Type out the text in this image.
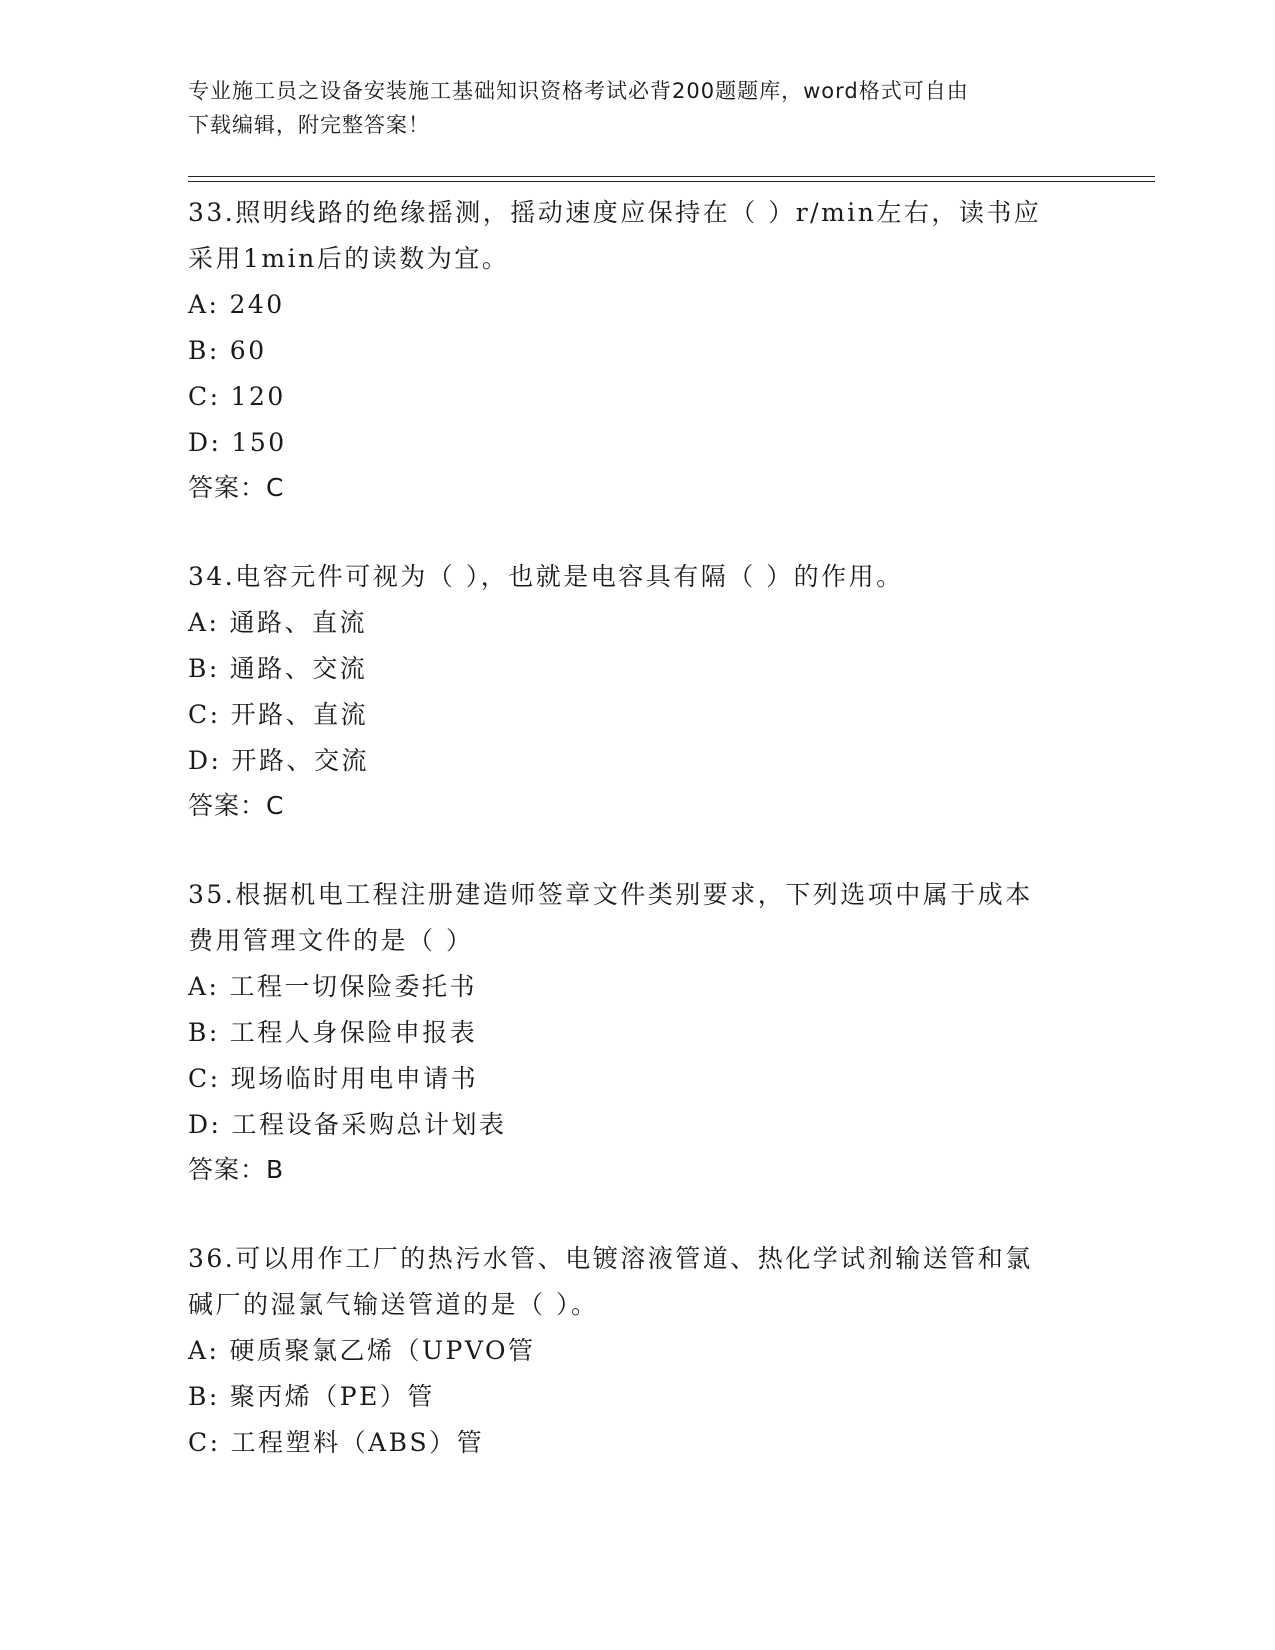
专业施工员之设备安装施工基础知识资格考试必背200题题库，word格式可自由
下载编辑，附完整答案！

33.照明线路的绝缘摇测，摇动速度应保持在（ ）r/min左右，读书应

采用1min后的读数为宜。

A: 240

B: 60

C: 120

D: 150

答案：C

34.电容元件可视为（ ），也就是电容具有隔（ ）的作用。

A: 通路、直流

B: 通路、交流

C: 开路、直流

D: 开路、交流

答案：C

35.根据机电工程注册建造师签章文件类别要求，下列选项中属于成本

费用管理文件的是（ ）

A: 工程一切保险委托书

B: 工程人身保险申报表

C: 现场临时用电申请书

D: 工程设备采购总计划表

答案：B

36.可以用作工厂的热污水管、电镀溶液管道、热化学试剂输送管和氯

碱厂的湿氯气输送管道的是（ ）。

A: 硬质聚氯乙烯（UPVO管

B: 聚丙烯（PE）管

C: 工程塑料（ABS）管
